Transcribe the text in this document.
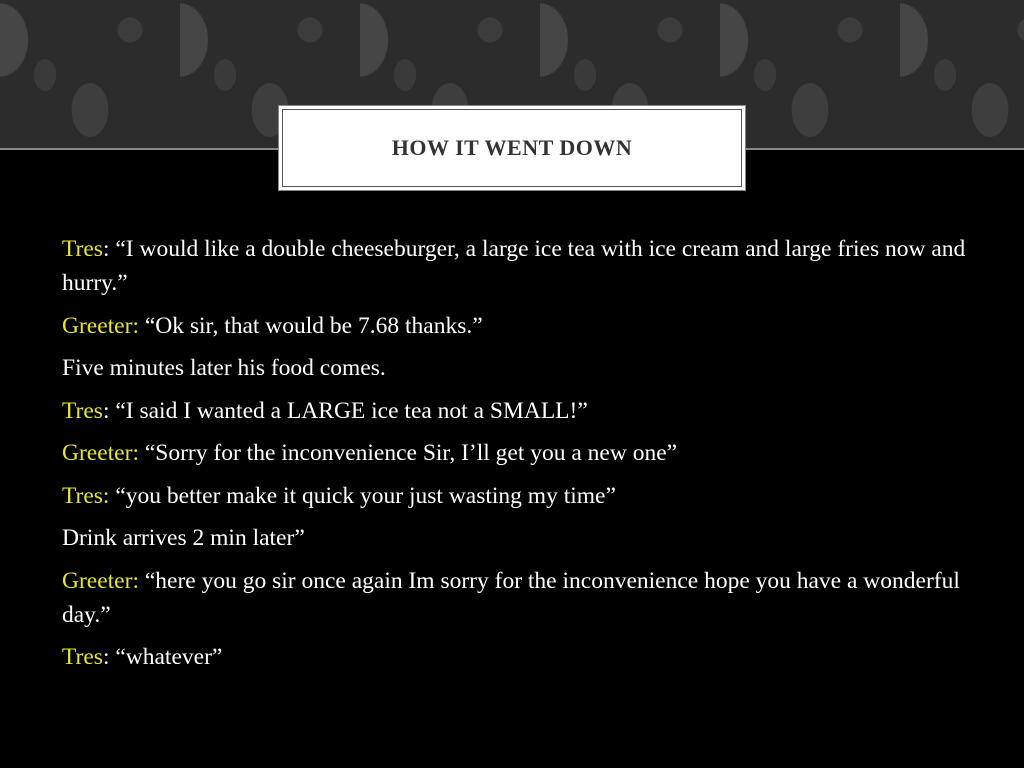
HOW IT WENT DOWN

Tres: “I would like a double cheeseburger, a large ice tea with ice cream and large fries now and hurry.”

Greeter: “Ok sir, that would be 7.68 thanks.”

Five minutes later his food comes.

Tres: “I said I wanted a LARGE ice tea not a SMALL!”

Greeter: “Sorry for the inconvenience Sir, I’ll get you a new one”

Tres: “you better make it quick your just wasting my time”

Drink arrives 2 min later”

Greeter: “here you go sir once again Im sorry for the inconvenience hope you have a wonderful day.”

Tres: “whatever”
